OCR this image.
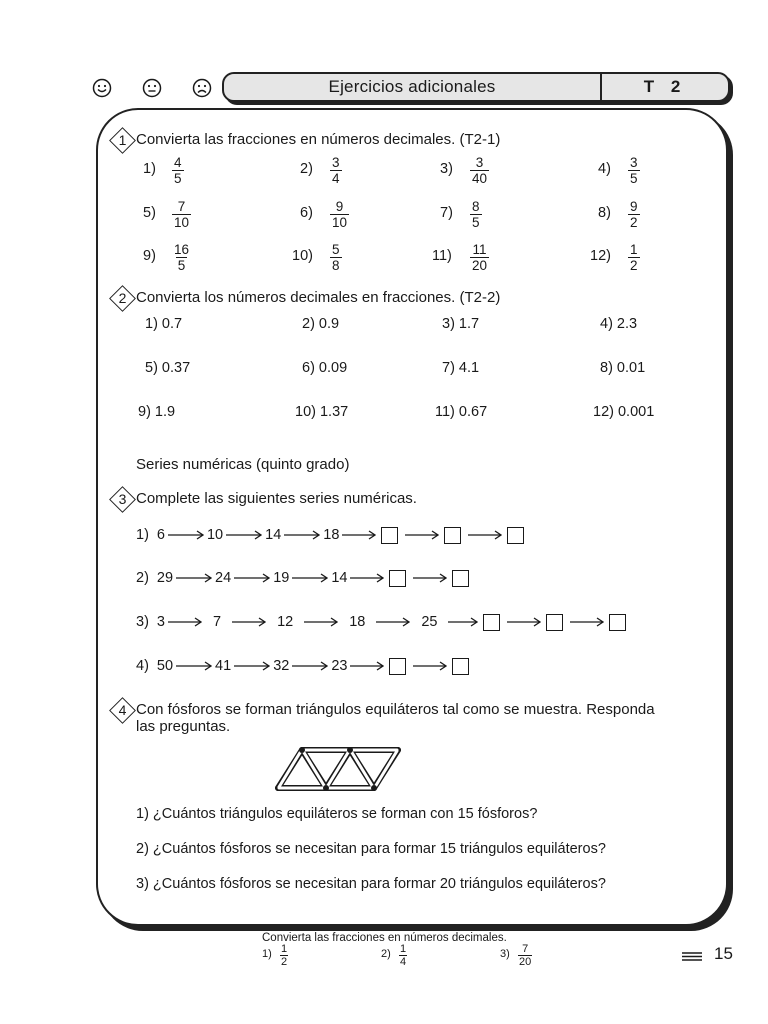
Ejercicios adicionales	T 2
1 Convierta las fracciones en números decimales. (T2-1)
$1) \frac{4}{5}$	$2) \frac{3}{4}$	$3) \frac{3}{40}$	$4) \frac{3}{5}$
$5) \frac{7}{10}$	$6) \frac{9}{10}$	$7) \frac{8}{5}$	$8) \frac{9}{2}$
$9) \frac{16}{5}$	$10) \frac{5}{8}$	$11) \frac{11}{20}$	$12) \frac{1}{2}$
2 Convierta los números decimales en fracciones. (T2-2)
1) 0.7	2) 0.9	3) 1.7	4) 2.3
5) 0.37	6) 0.09	7) 4.1	8) 0.01
9) 1.9	10) 1.37	11) 0.67	12) 0.001
Series numéricas (quinto grado)
3 Complete las siguientes series numéricas.
1) 6	10	14	18
2) 29	24	19	14
3) 3	7	12	18	25
4) 50	41	32	23
4 Con fósforos se forman triángulos equiláteros tal como se muestra. Responda
las preguntas.
1) ¿Cuántos triángulos equiláteros se forman con 15 fósforos?
2) ¿Cuántos fósforos se necesitan para formar 15 triángulos equiláteros?
3) ¿Cuántos fósforos se necesitan para formar 20 triángulos equiláteros?
Convierta las fracciones en números decimales.
$1) \frac{1}{2}$	$2) \frac{1}{4}$	$3) \frac{7}{20}$	15
